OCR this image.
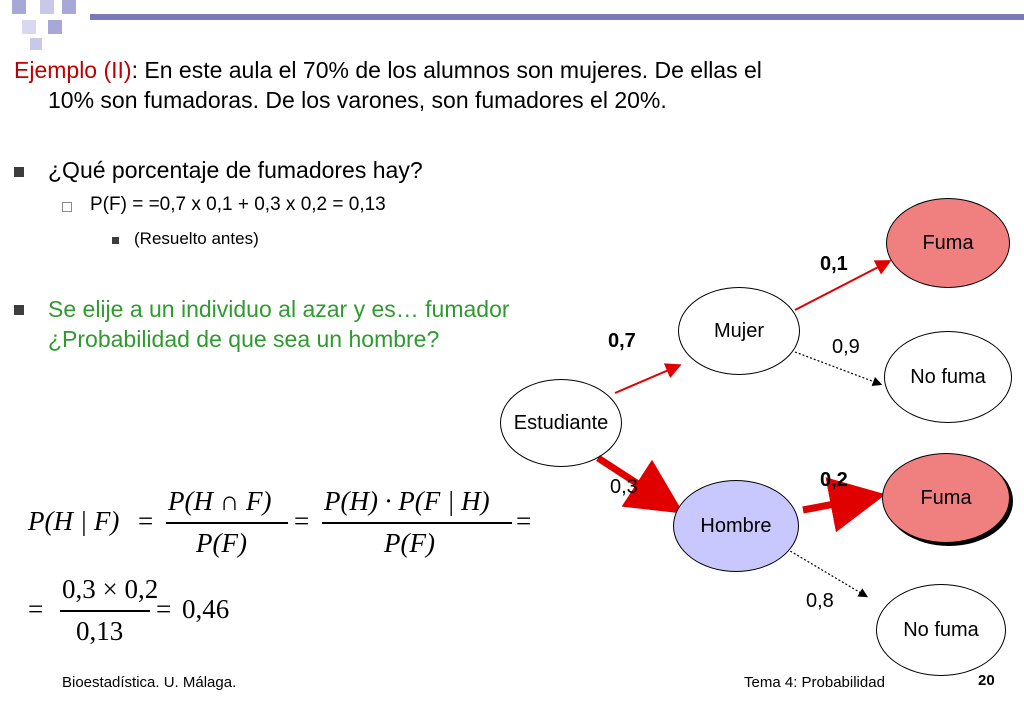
Ejemplo (II): En este aula el 70% de los alumnos son mujeres. De ellas el
10% son fumadoras. De los varones, son fumadores el 20%.
¿Qué porcentaje de fumadores hay?
P(F) = =0,7 x 0,1 + 0,3 x 0,2 = 0,13
(Resuelto antes)
Se elije a un individuo al azar y es… fumador
¿Probabilidad de que sea un hombre?
Estudiante
Mujer
Hombre
Fuma
No fuma
Fuma
No fuma
0,7
0,3
0,1
0,9
0,2
0,8
P(H | F) =
P(H ∩ F)
P(F)
=
P(H) · P(F | H)
P(F)
=
=
0,3 × 0,2
0,13
= 0,46
Bioestadística. U. Málaga.	Tema 4: Probabilidad	20
